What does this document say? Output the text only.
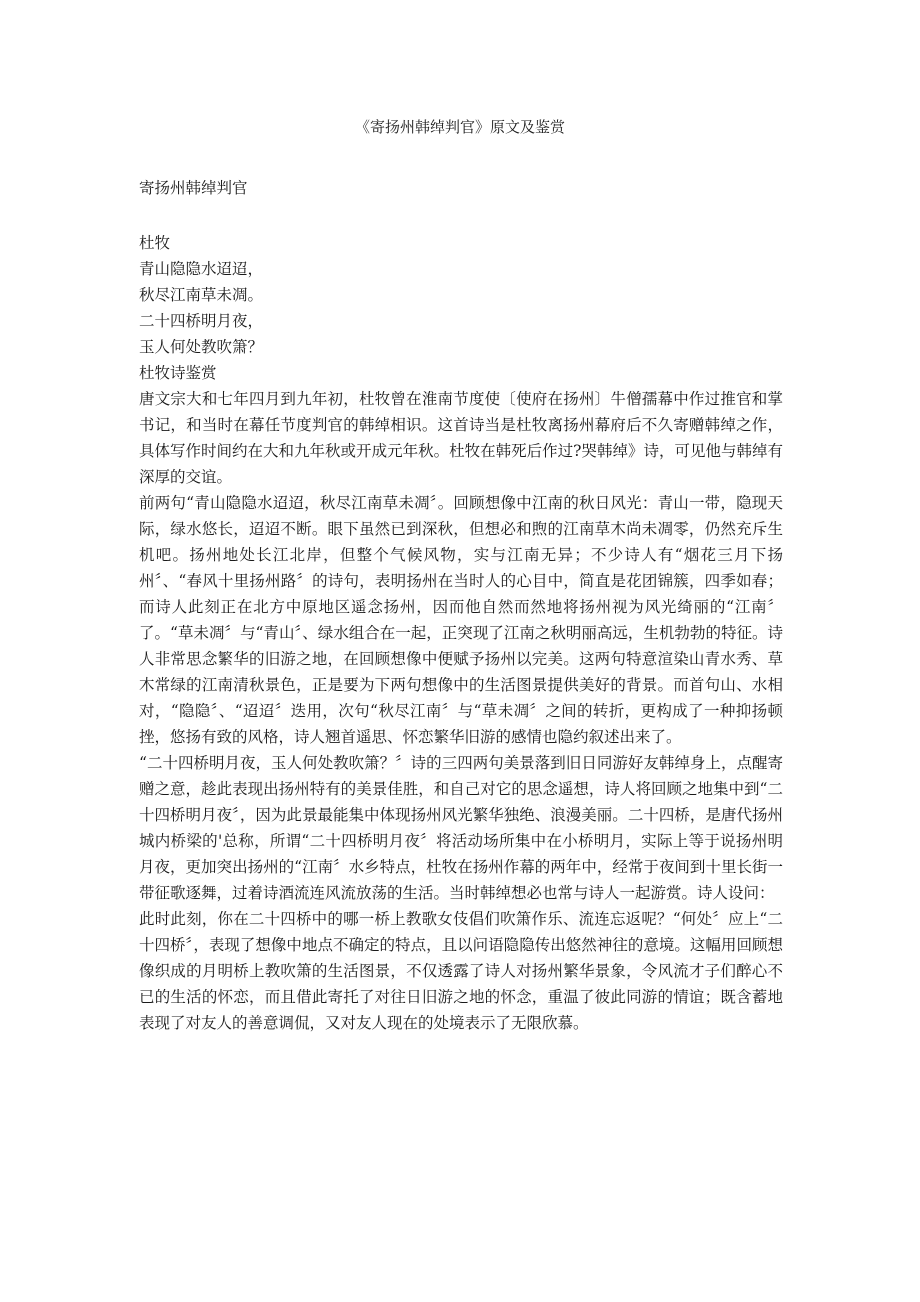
《寄扬州韩绰判官》原文及鉴赏

寄扬州韩绰判官

杜牧

青山隐隐水迢迢，

秋尽江南草未凋。

二十四桥明月夜，

玉人何处教吹箫？

杜牧诗鉴赏

唐文宗大和七年四月到九年初，杜牧曾在淮南节度使〔使府在扬州〕牛僧孺幕中作过推官和掌书记，和当时在幕任节度判官的韩绰相识。这首诗当是杜牧离扬州幕府后不久寄赠韩绰之作，具体写作时间约在大和九年秋或开成元年秋。杜牧在韩死后作过?哭韩绰》诗，可见他与韩绰有深厚的交谊。

前两句“青山隐隐水迢迢，秋尽江南草未凋〞。回顾想像中江南的秋日风光：青山一带，隐现天际，绿水悠长，迢迢不断。眼下虽然已到深秋，但想必和煦的江南草木尚未凋零，仍然充斥生机吧。扬州地处长江北岸，但整个气候风物，实与江南无异；不少诗人有“烟花三月下扬州〞、“春风十里扬州路〞的诗句，表明扬州在当时人的心目中，简直是花团锦簇，四季如春；而诗人此刻正在北方中原地区遥念扬州，因而他自然而然地将扬州视为风光绮丽的“江南〞了。“草未凋〞与“青山〞、绿水组合在一起，正突现了江南之秋明丽高远，生机勃勃的特征。诗人非常思念繁华的旧游之地，在回顾想像中便赋予扬州以完美。这两句特意渲染山青水秀、草木常绿的江南清秋景色，正是要为下两句想像中的生活图景提供美好的背景。而首句山、水相对，“隐隐〞、“迢迢〞迭用，次句“秋尽江南〞与“草未凋〞之间的转折，更构成了一种抑扬顿挫，悠扬有致的风格，诗人翘首遥思、怀恋繁华旧游的感情也隐约叙述出来了。

“二十四桥明月夜，玉人何处教吹箫？〞诗的三四两句美景落到旧日同游好友韩绰身上，点醒寄赠之意，趁此表现出扬州特有的美景佳胜，和自己对它的思念遥想，诗人将回顾之地集中到“二十四桥明月夜〞，因为此景最能集中体现扬州风光繁华独绝、浪漫美丽。二十四桥，是唐代扬州城内桥梁的'总称，所谓“二十四桥明月夜〞将活动场所集中在小桥明月，实际上等于说扬州明月夜，更加突出扬州的“江南〞水乡特点，杜牧在扬州作幕的两年中，经常于夜间到十里长街一带征歌逐舞，过着诗酒流连风流放荡的生活。当时韩绰想必也常与诗人一起游赏。诗人设问：

此时此刻，你在二十四桥中的哪一桥上教歌女伎倡们吹箫作乐、流连忘返呢？“何处〞应上“二十四桥〞，表现了想像中地点不确定的特点，且以问语隐隐传出悠然神往的意境。这幅用回顾想像织成的月明桥上教吹箫的生活图景，不仅透露了诗人对扬州繁华景象，令风流才子们醉心不已的生活的怀恋，而且借此寄托了对往日旧游之地的怀念，重温了彼此同游的情谊；既含蓄地表现了对友人的善意调侃，又对友人现在的处境表示了无限欣慕。
